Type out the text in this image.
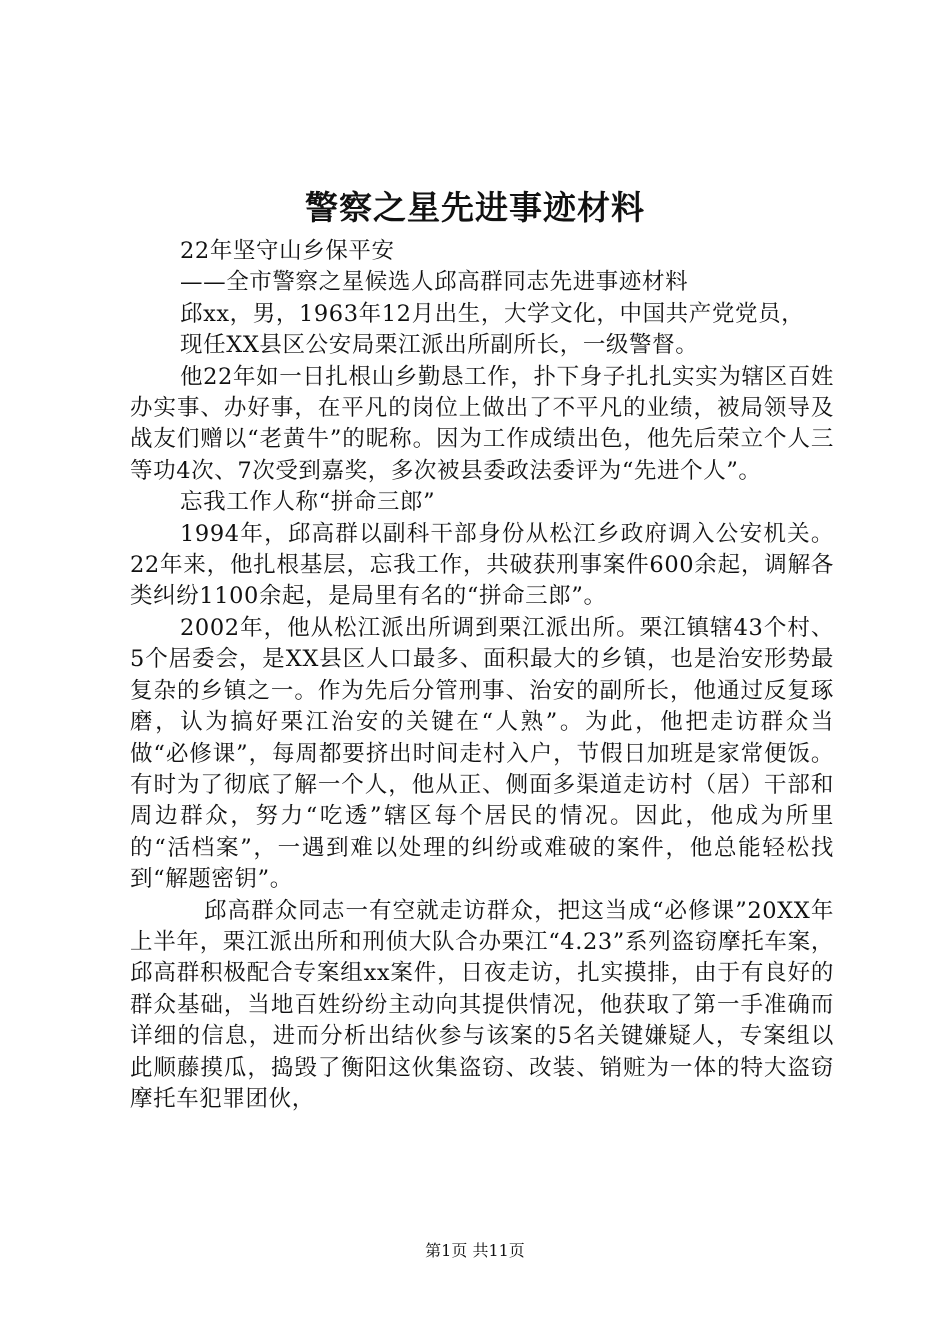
警察之星先进事迹材料

22年坚守山乡保平安

——全市警察之星候选人邱高群同志先进事迹材料

邱xx，男，1963年12月出生，大学文化，中国共产党党员，

现任XX县区公安局栗江派出所副所长，一级警督。

他22年如一日扎根山乡勤恳工作，扑下身子扎扎实实为辖区百姓办实事、办好事，在平凡的岗位上做出了不平凡的业绩，被局领导及战友们赠以“老黄牛”的昵称。因为工作成绩出色，他先后荣立个人三等功4次、7次受到嘉奖，多次被县委政法委评为“先进个人”。

忘我工作人称“拼命三郎”

1994年，邱高群以副科干部身份从松江乡政府调入公安机关。22年来，他扎根基层，忘我工作，共破获刑事案件600余起，调解各类纠纷1100余起，是局里有名的“拼命三郎”。

2002年，他从松江派出所调到栗江派出所。栗江镇辖43个村、5个居委会，是XX县区人口最多、面积最大的乡镇，也是治安形势最复杂的乡镇之一。作为先后分管刑事、治安的副所长，他通过反复琢磨，认为搞好栗江治安的关键在“人熟”。为此，他把走访群众当做“必修课”，每周都要挤出时间走村入户，节假日加班是家常便饭。有时为了彻底了解一个人，他从正、侧面多渠道走访村（居）干部和周边群众，努力“吃透”辖区每个居民的情况。因此，他成为所里的“活档案”，一遇到难以处理的纠纷或难破的案件，他总能轻松找到“解题密钥”。

邱高群众同志一有空就走访群众，把这当成“必修课”20XX年上半年，栗江派出所和刑侦大队合办栗江“4.23”系列盗窃摩托车案，邱高群积极配合专案组xx案件，日夜走访，扎实摸排，由于有良好的群众基础，当地百姓纷纷主动向其提供情况，他获取了第一手准确而详细的信息，进而分析出结伙参与该案的5名关键嫌疑人，专案组以此顺藤摸瓜，捣毁了衡阳这伙集盗窃、改装、销赃为一体的特大盗窃摩托车犯罪团伙，

第1页 共11页
